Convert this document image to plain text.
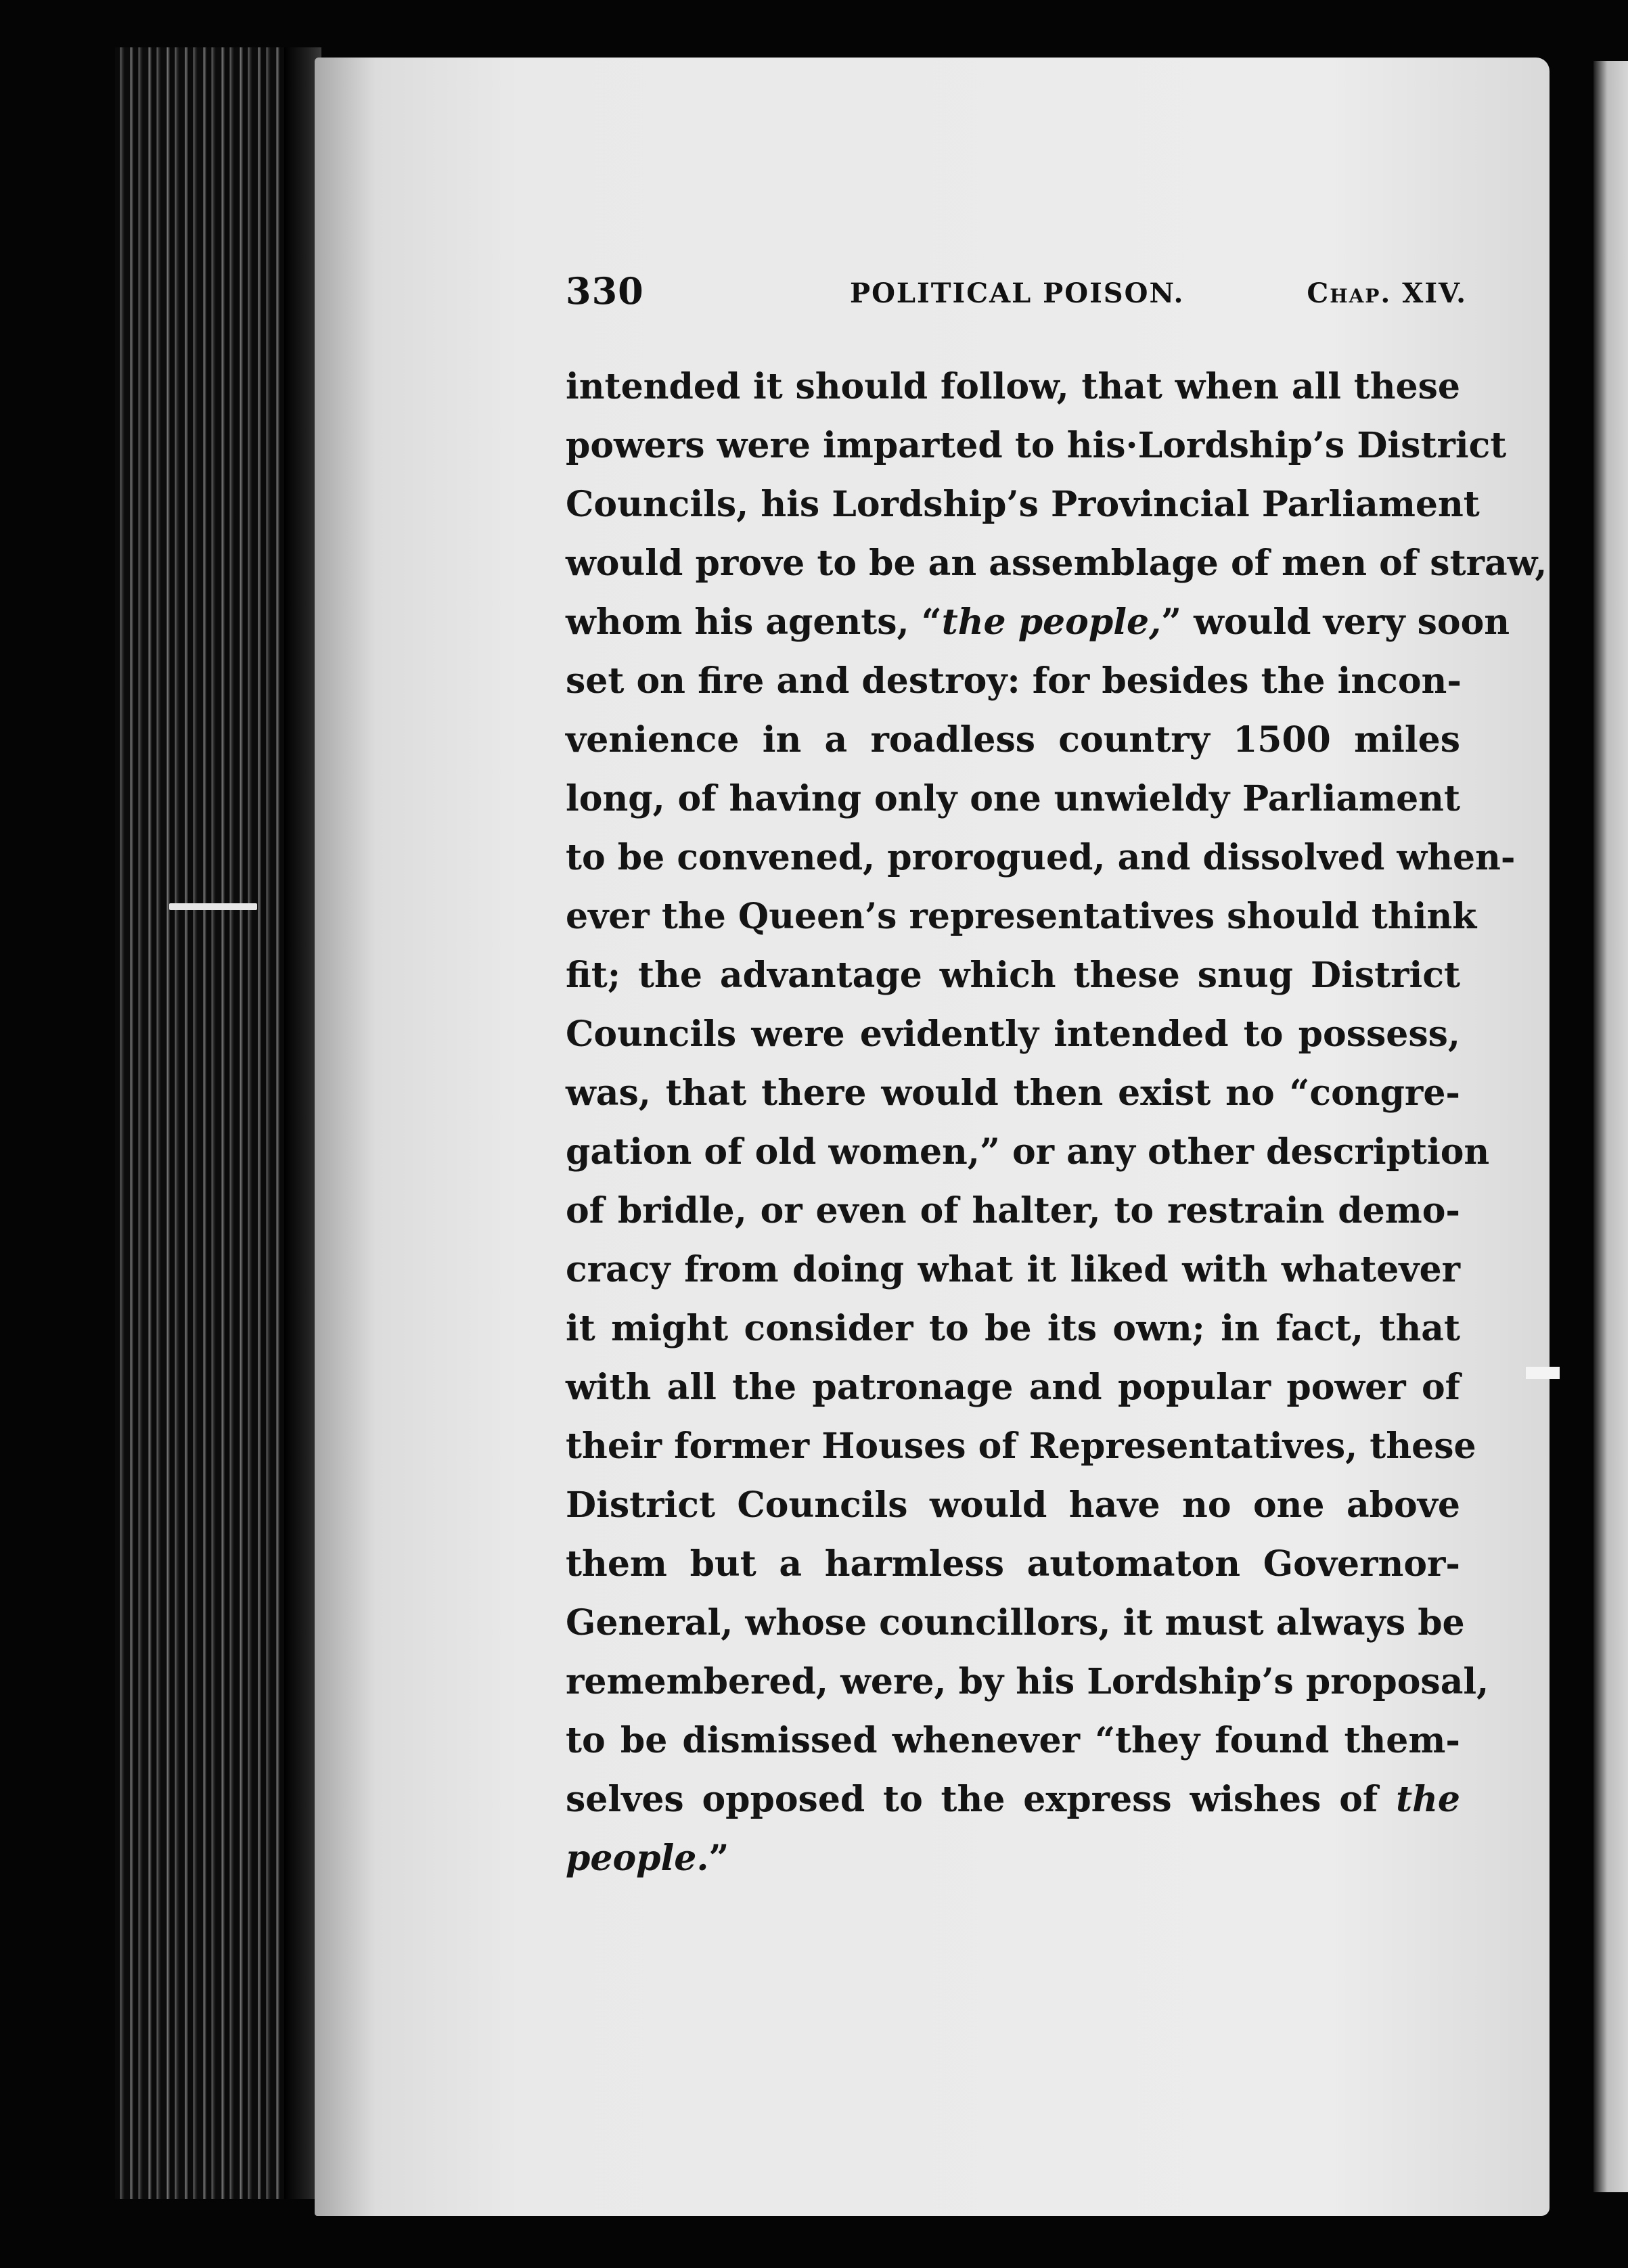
330	POLITICAL POISON.	Chap. XIV.
intended it should follow, that when all these
powers were imparted to his·Lordship’s District
Councils, his Lordship’s Provincial Parliament
would prove to be an assemblage of men of straw,
whom his agents, “the people,” would very soon
set on fire and destroy: for besides the incon-
venience in a roadless country 1500 miles
long, of having only one unwieldy Parliament
to be convened, prorogued, and dissolved when-
ever the Queen’s representatives should think
fit; the advantage which these snug District
Councils were evidently intended to possess,
was, that there would then exist no “congre-
gation of old women,” or any other description
of bridle, or even of halter, to restrain demo-
cracy from doing what it liked with whatever
it might consider to be its own; in fact, that
with all the patronage and popular power of
their former Houses of Representatives, these
District Councils would have no one above
them but a harmless automaton Governor-
General, whose councillors, it must always be
remembered, were, by his Lordship’s proposal,
to be dismissed whenever “they found them-
selves opposed to the express wishes of the
people.”
